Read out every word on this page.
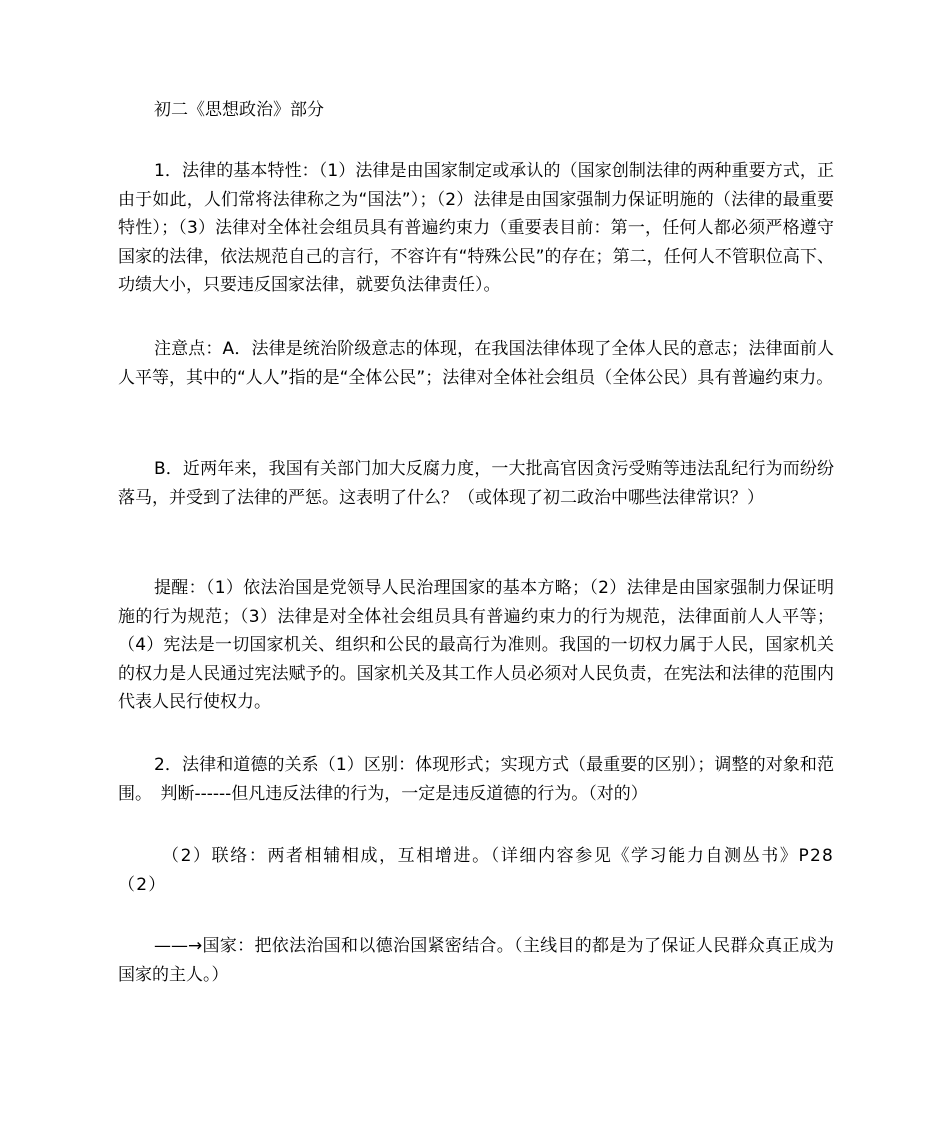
初二《思想政治》部分

1．法律的基本特性：（1）法律是由国家制定或承认的（国家创制法律的两种重要方式，正由于如此，人们常将法律称之为“国法”）；（2）法律是由国家强制力保证明施的（法律的最重要特性）；（3）法律对全体社会组员具有普遍约束力（重要表目前：第一，任何人都必须严格遵守国家的法律，依法规范自己的言行，不容许有“特殊公民”的存在；第二，任何人不管职位高下、功绩大小，只要违反国家法律，就要负法律责任）。

注意点：A．法律是统治阶级意志的体现，在我国法律体现了全体人民的意志；法律面前人人平等，其中的“人人”指的是“全体公民”；法律对全体社会组员（全体公民）具有普遍约束力。

B．近两年来，我国有关部门加大反腐力度，一大批高官因贪污受贿等违法乱纪行为而纷纷落马，并受到了法律的严惩。这表明了什么？（或体现了初二政治中哪些法律常识？）

提醒：（1）依法治国是党领导人民治理国家的基本方略；（2）法律是由国家强制力保证明施的行为规范；（3）法律是对全体社会组员具有普遍约束力的行为规范，法律面前人人平等；（4）宪法是一切国家机关、组织和公民的最高行为准则。我国的一切权力属于人民，国家机关的权力是人民通过宪法赋予的。国家机关及其工作人员必须对人民负责，在宪法和法律的范围内代表人民行使权力。

2．法律和道德的关系（1）区别：体现形式；实现方式（最重要的区别）；调整的对象和范围。　判断------但凡违反法律的行为，一定是违反道德的行为。（对的）

（2）联络：两者相辅相成，互相增进。（详细内容参见《学习能力自测丛书》P28（2）

——→国家：把依法治国和以德治国紧密结合。（主线目的都是为了保证人民群众真正成为国家的主人。）
